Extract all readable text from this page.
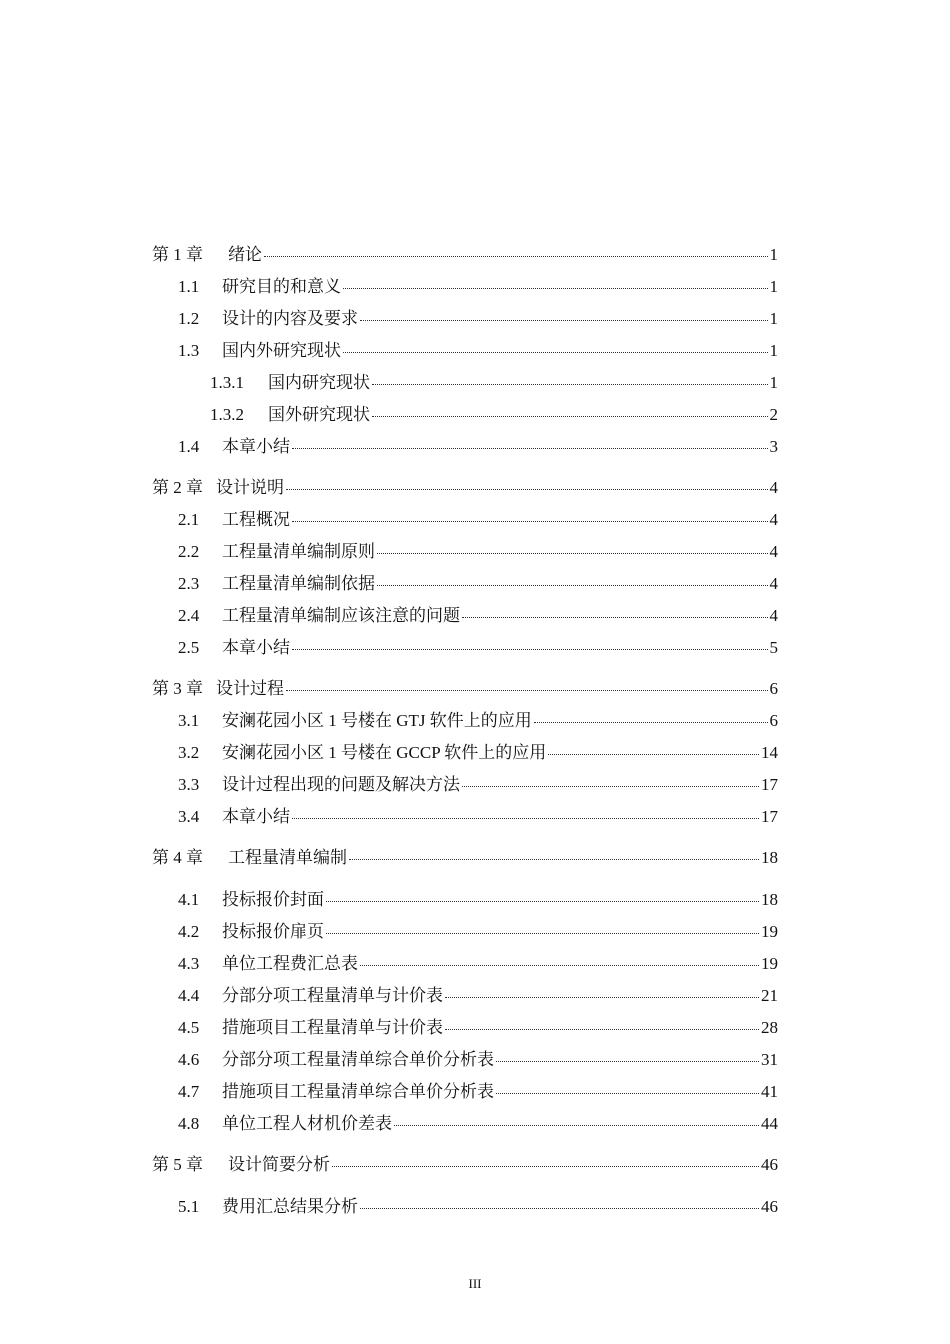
第 1 章	绪论	1
1.1	研究目的和意义	1
1.2	设计的内容及要求	1
1.3	国内外研究现状	1
1.3.1	国内研究现状	1
1.3.2	国外研究现状	2
1.4	本章小结	3
第 2 章 设计说明	4
2.1	工程概况	4
2.2	工程量清单编制原则	4
2.3	工程量清单编制依据	4
2.4	工程量清单编制应该注意的问题	4
2.5	本章小结	5
第 3 章 设计过程	6
3.1	安澜花园小区 1 号楼在 GTJ 软件上的应用	6
3.2	安澜花园小区 1 号楼在 GCCP 软件上的应用	14
3.3	设计过程出现的问题及解决方法	17
3.4	本章小结	17
第 4 章	工程量清单编制	18
4.1	投标报价封面	18
4.2	投标报价扉页	19
4.3	单位工程费汇总表	19
4.4	分部分项工程量清单与计价表	21
4.5	措施项目工程量清单与计价表	28
4.6	分部分项工程量清单综合单价分析表	31
4.7	措施项目工程量清单综合单价分析表	41
4.8	单位工程人材机价差表	44
第 5 章	设计简要分析	46
5.1	费用汇总结果分析	46
III
